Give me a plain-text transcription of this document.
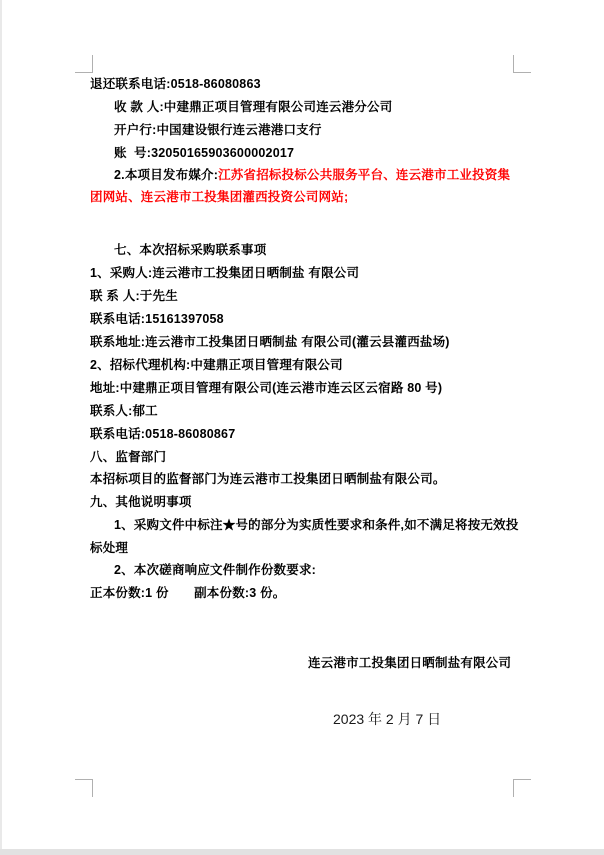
退还联系电话:0518-86080863
收 款 人:中建鼎正项目管理有限公司连云港分公司
开户行:中国建设银行连云港港口支行
账  号:32050165903600002017
2.本项目发布媒介:江苏省招标投标公共服务平台、连云港市工业投资集
团网站、连云港市工投集团灌西投资公司网站;
七、本次招标采购联系事项
1、采购人:连云港市工投集团日晒制盐 有限公司
联 系 人:于先生
联系电话:15161397058
联系地址:连云港市工投集团日晒制盐 有限公司(灌云县灌西盐场)
2、招标代理机构:中建鼎正项目管理有限公司
地址:中建鼎正项目管理有限公司(连云港市连云区云宿路 80 号)
联系人:郁工
联系电话:0518-86080867
八、监督部门
本招标项目的监督部门为连云港市工投集团日晒制盐有限公司。
九、其他说明事项
1、采购文件中标注★号的部分为实质性要求和条件,如不满足将按无效投
标处理
2、本次磋商响应文件制作份数要求:
正本份数:1 份　　副本份数:3 份。
连云港市工投集团日晒制盐有限公司
2023 年 2 月 7 日
